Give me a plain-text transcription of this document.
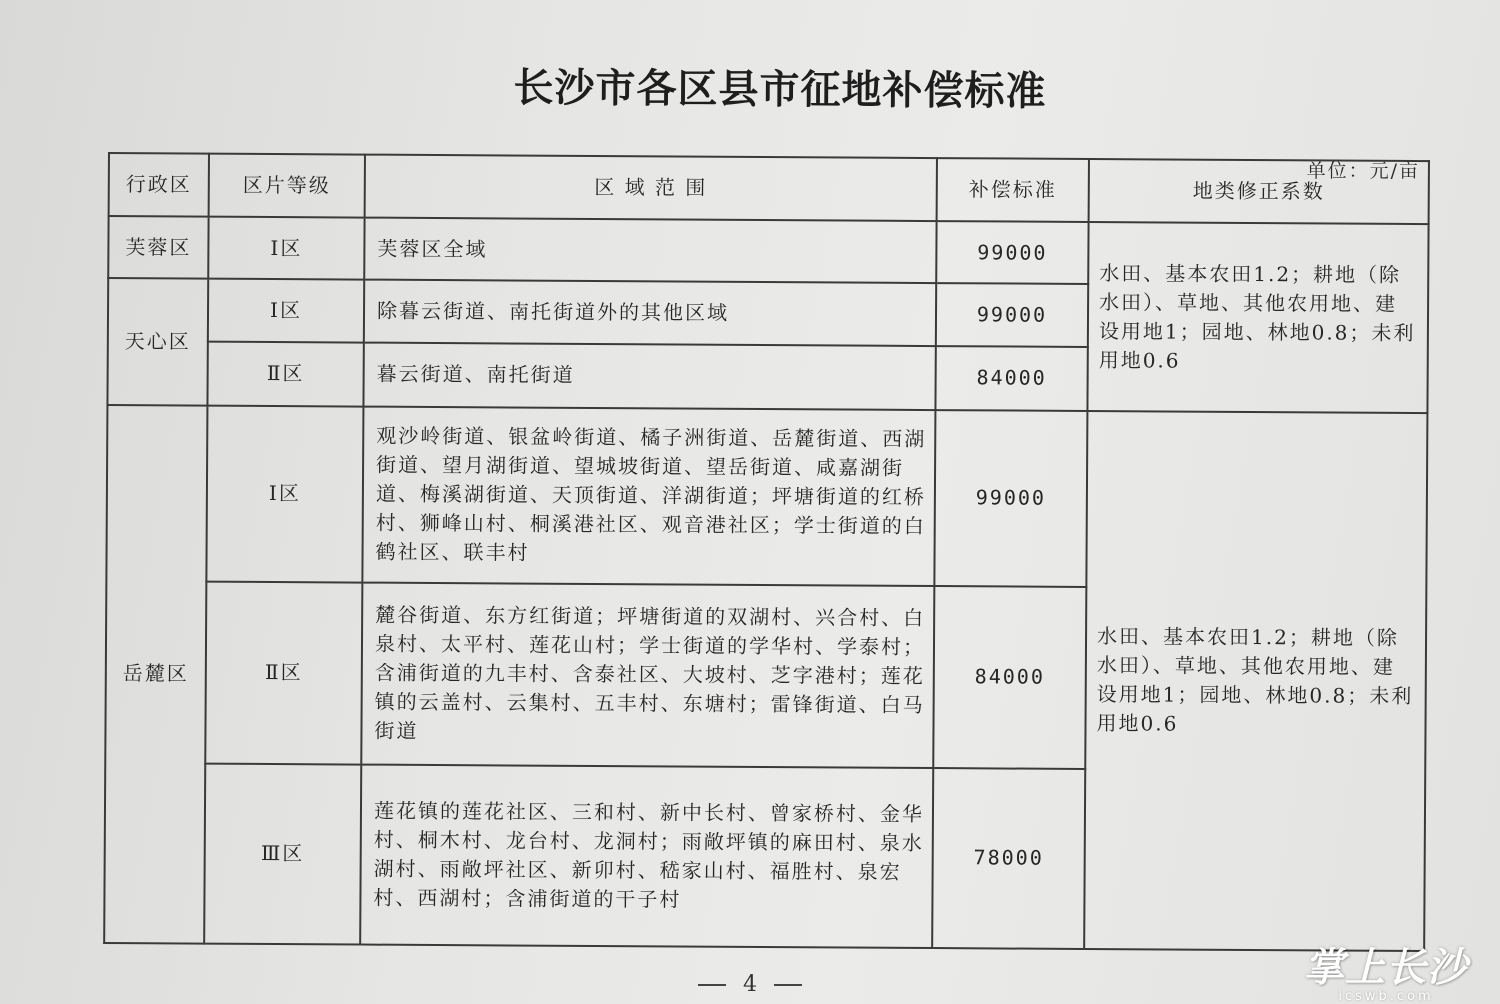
长沙市各区县市征地补偿标准
单位：元/亩
行政区	区片等级	区 域 范 围	补偿标准	地类修正系数
芙蓉区	Ⅰ区	芙蓉区全域	99000	水田、基本农田1.2；耕地（除水田）、草地、其他农用地、建设用地1；园地、林地0.8；未利用地0.6
天心区	Ⅰ区	除暮云街道、南托街道外的其他区域	99000	
	Ⅱ区	暮云街道、南托街道	84000	
岳麓区	Ⅰ区	观沙岭街道、银盆岭街道、橘子洲街道、岳麓街道、西湖街道、望月湖街道、望城坡街道、望岳街道、咸嘉湖街道、梅溪湖街道、天顶街道、洋湖街道；坪塘街道的红桥村、狮峰山村、桐溪港社区、观音港社区；学士街道的白鹤社区、联丰村	99000	水田、基本农田1.2；耕地（除水田）、草地、其他农用地、建设用地1；园地、林地0.8；未利用地0.6
	Ⅱ区	麓谷街道、东方红街道；坪塘街道的双湖村、兴合村、白泉村、太平村、莲花山村；学士街道的学华村、学泰村；含浦街道的九丰村、含泰社区、大坡村、芝字港村；莲花镇的云盖村、云集村、五丰村、东塘村；雷锋街道、白马街道	84000	
	Ⅲ区	莲花镇的莲花社区、三和村、新中长村、曾家桥村、金华村、桐木村、龙台村、龙洞村；雨敞坪镇的麻田村、泉水湖村、雨敞坪社区、新卯村、嵇家山村、福胜村、泉宏村、西湖村；含浦街道的干子村	78000	
4	掌上长沙
icswb.com
